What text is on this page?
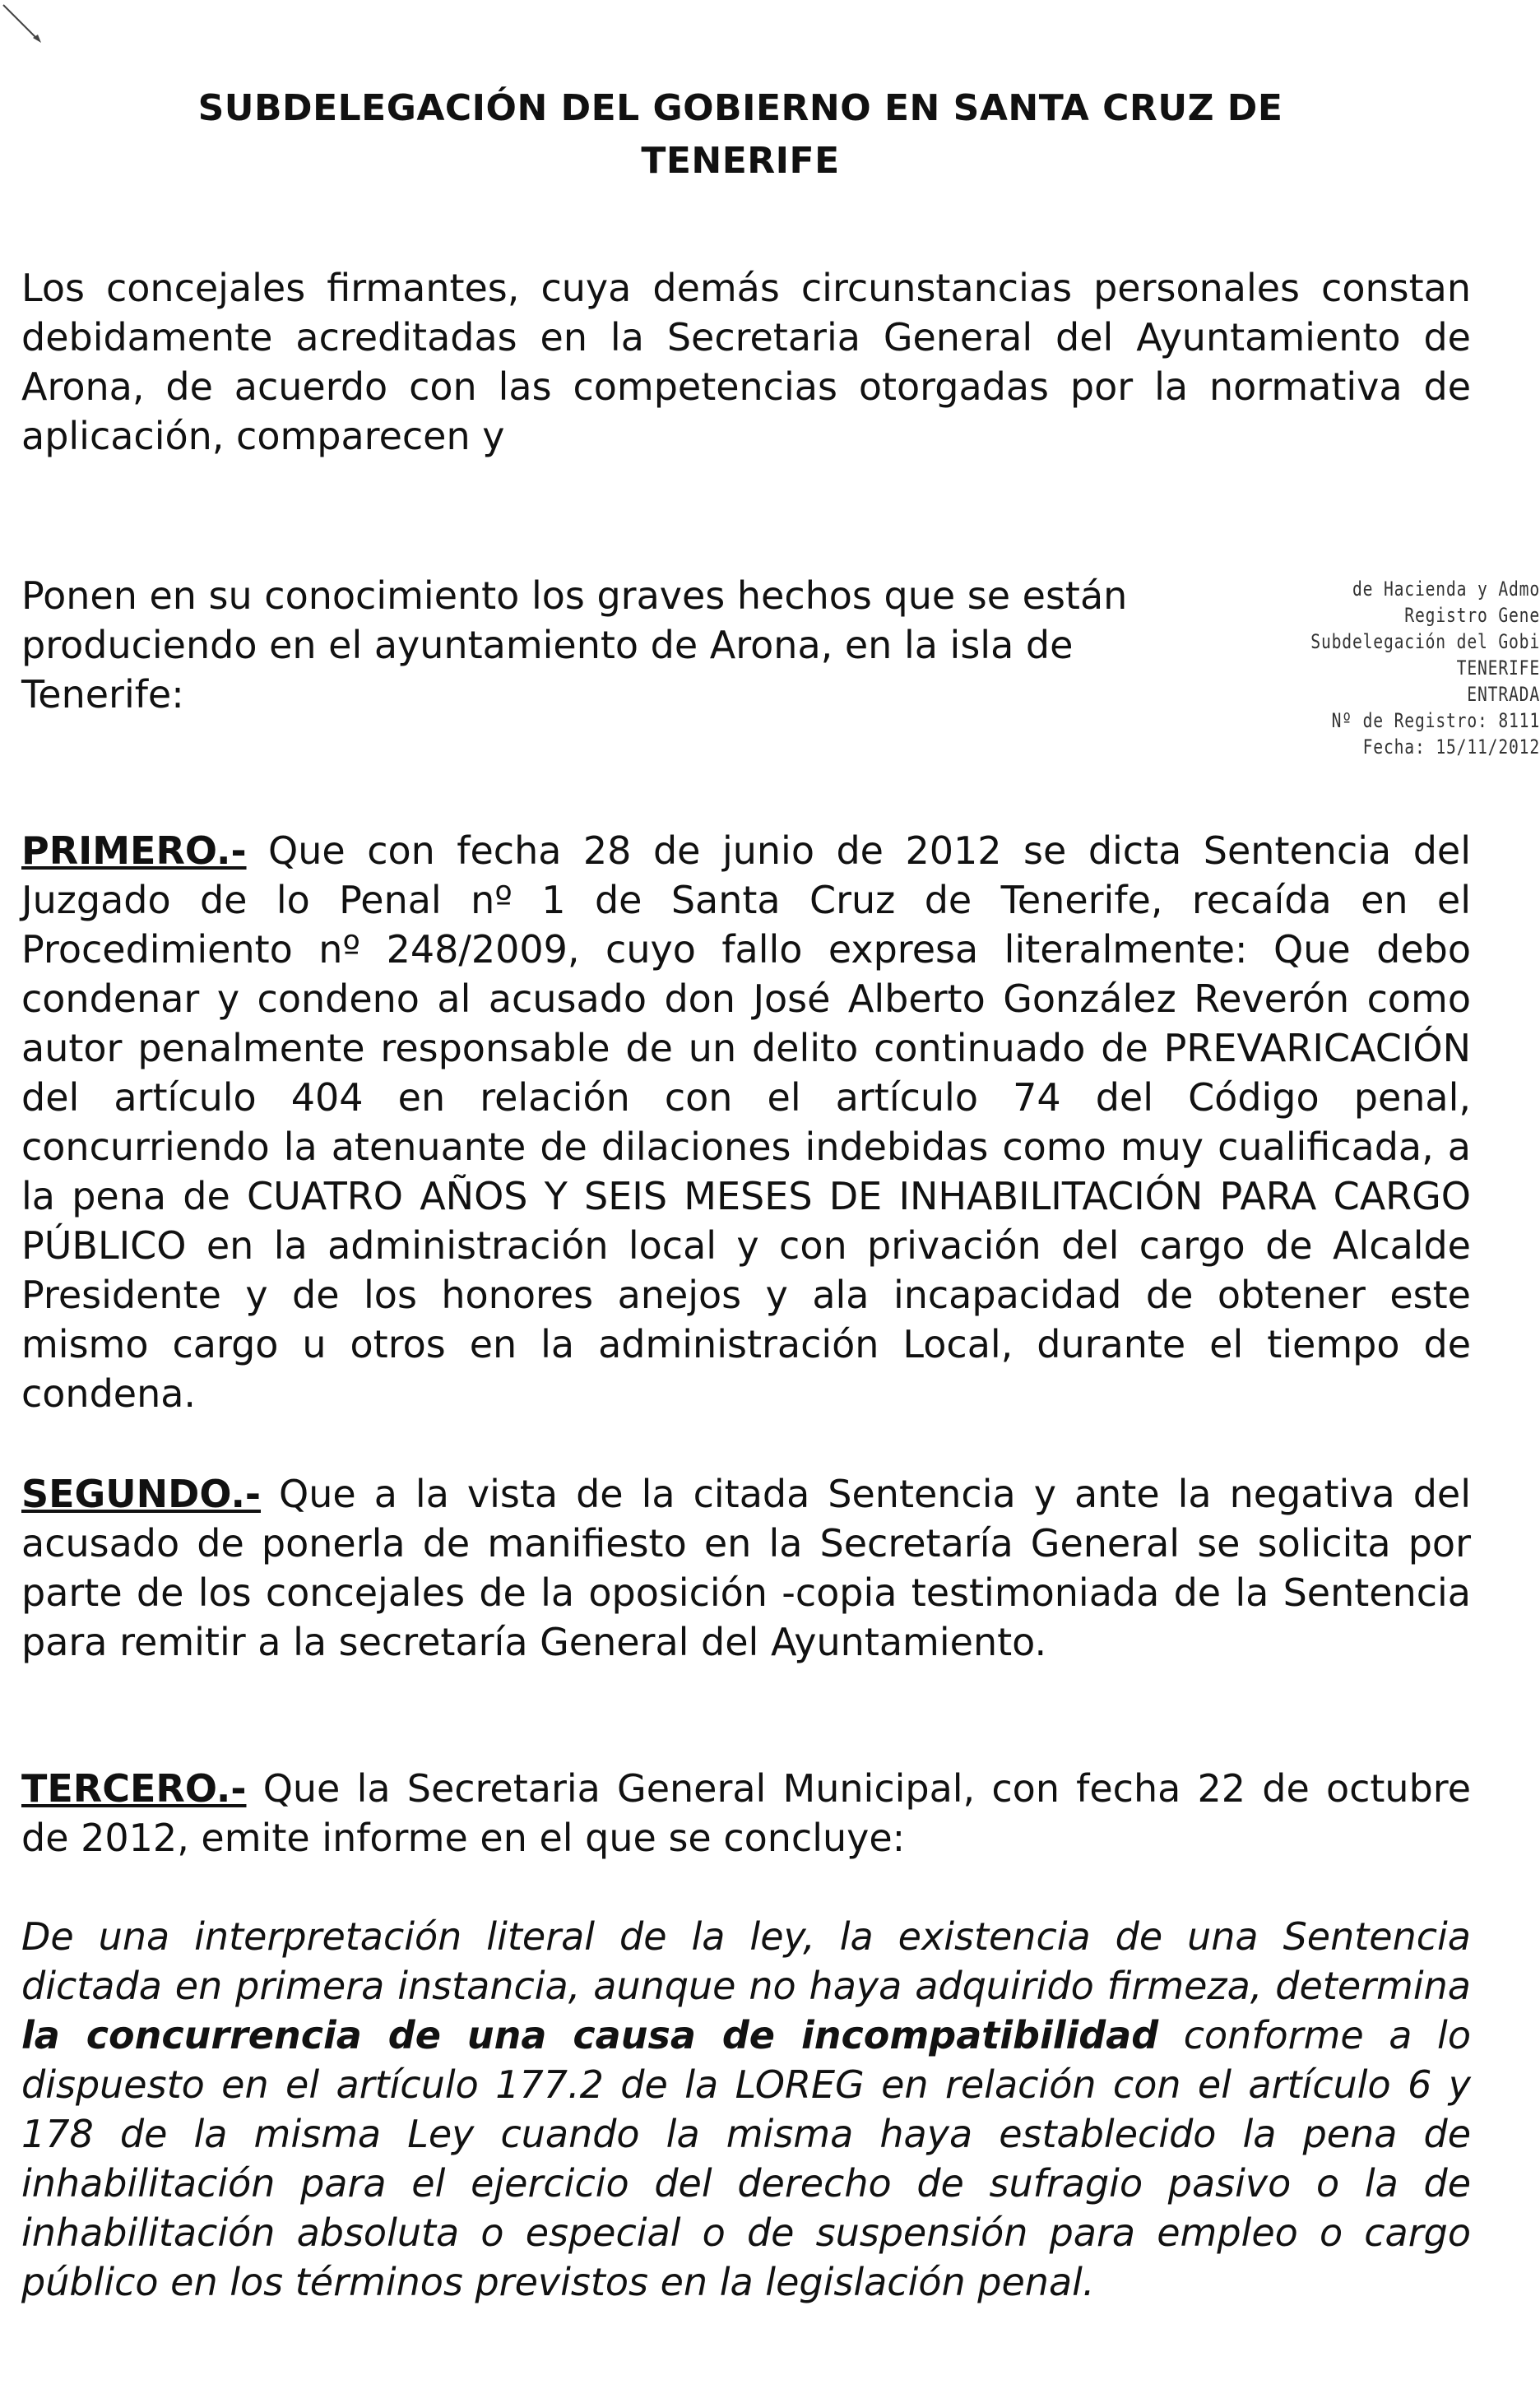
SUBDELEGACIÓN DEL GOBIERNO EN SANTA CRUZ DE
TENERIFE

Los concejales firmantes, cuya demás circunstancias personales constan debidamente acreditadas en la Secretaria General del Ayuntamiento de Arona, de acuerdo con las competencias otorgadas por la normativa de aplicación, comparecen y

Ponen en su conocimiento los graves hechos que se están produciendo en el ayuntamiento de Arona, en la isla de Tenerife:

de Hacienda y Admo
Registro Gene
Subdelegación del Gobi
TENERIFE
ENTRADA
Nº de Registro: 8111
Fecha: 15/11/2012

PRIMERO.- Que con fecha 28 de junio de 2012 se dicta Sentencia del Juzgado de lo Penal nº 1 de Santa Cruz de Tenerife, recaída en el Procedimiento nº 248/2009, cuyo fallo expresa literalmente: Que debo condenar y condeno al acusado don José Alberto González Reverón como autor penalmente responsable de un delito continuado de PREVARICACIÓN del artículo 404 en relación con el artículo 74 del Código penal, concurriendo la atenuante de dilaciones indebidas como muy cualificada, a la pena de CUATRO AÑOS Y SEIS MESES DE INHABILITACIÓN PARA CARGO PÚBLICO en la administración local y con privación del cargo de Alcalde Presidente y de los honores anejos y ala incapacidad de obtener este mismo cargo u otros en la administración Local, durante el tiempo de condena.

SEGUNDO.- Que a la vista de la citada Sentencia y ante la negativa del acusado de ponerla de manifiesto en la Secretaría General se solicita por parte de los concejales de la oposición -copia testimoniada de la Sentencia para remitir a la secretaría General del Ayuntamiento.

TERCERO.- Que la Secretaria General Municipal, con fecha 22 de octubre de 2012, emite informe en el que se concluye:

De una interpretación literal de la ley, la existencia de una Sentencia dictada en primera instancia, aunque no haya adquirido firmeza, determina la concurrencia de una causa de incompatibilidad conforme a lo dispuesto en el artículo 177.2 de la LOREG en relación con el artículo 6 y 178 de la misma Ley cuando la misma haya establecido la pena de inhabilitación para el ejercicio del derecho de sufragio pasivo o la de inhabilitación absoluta o especial o de suspensión para empleo o cargo público en los términos previstos en la legislación penal.
